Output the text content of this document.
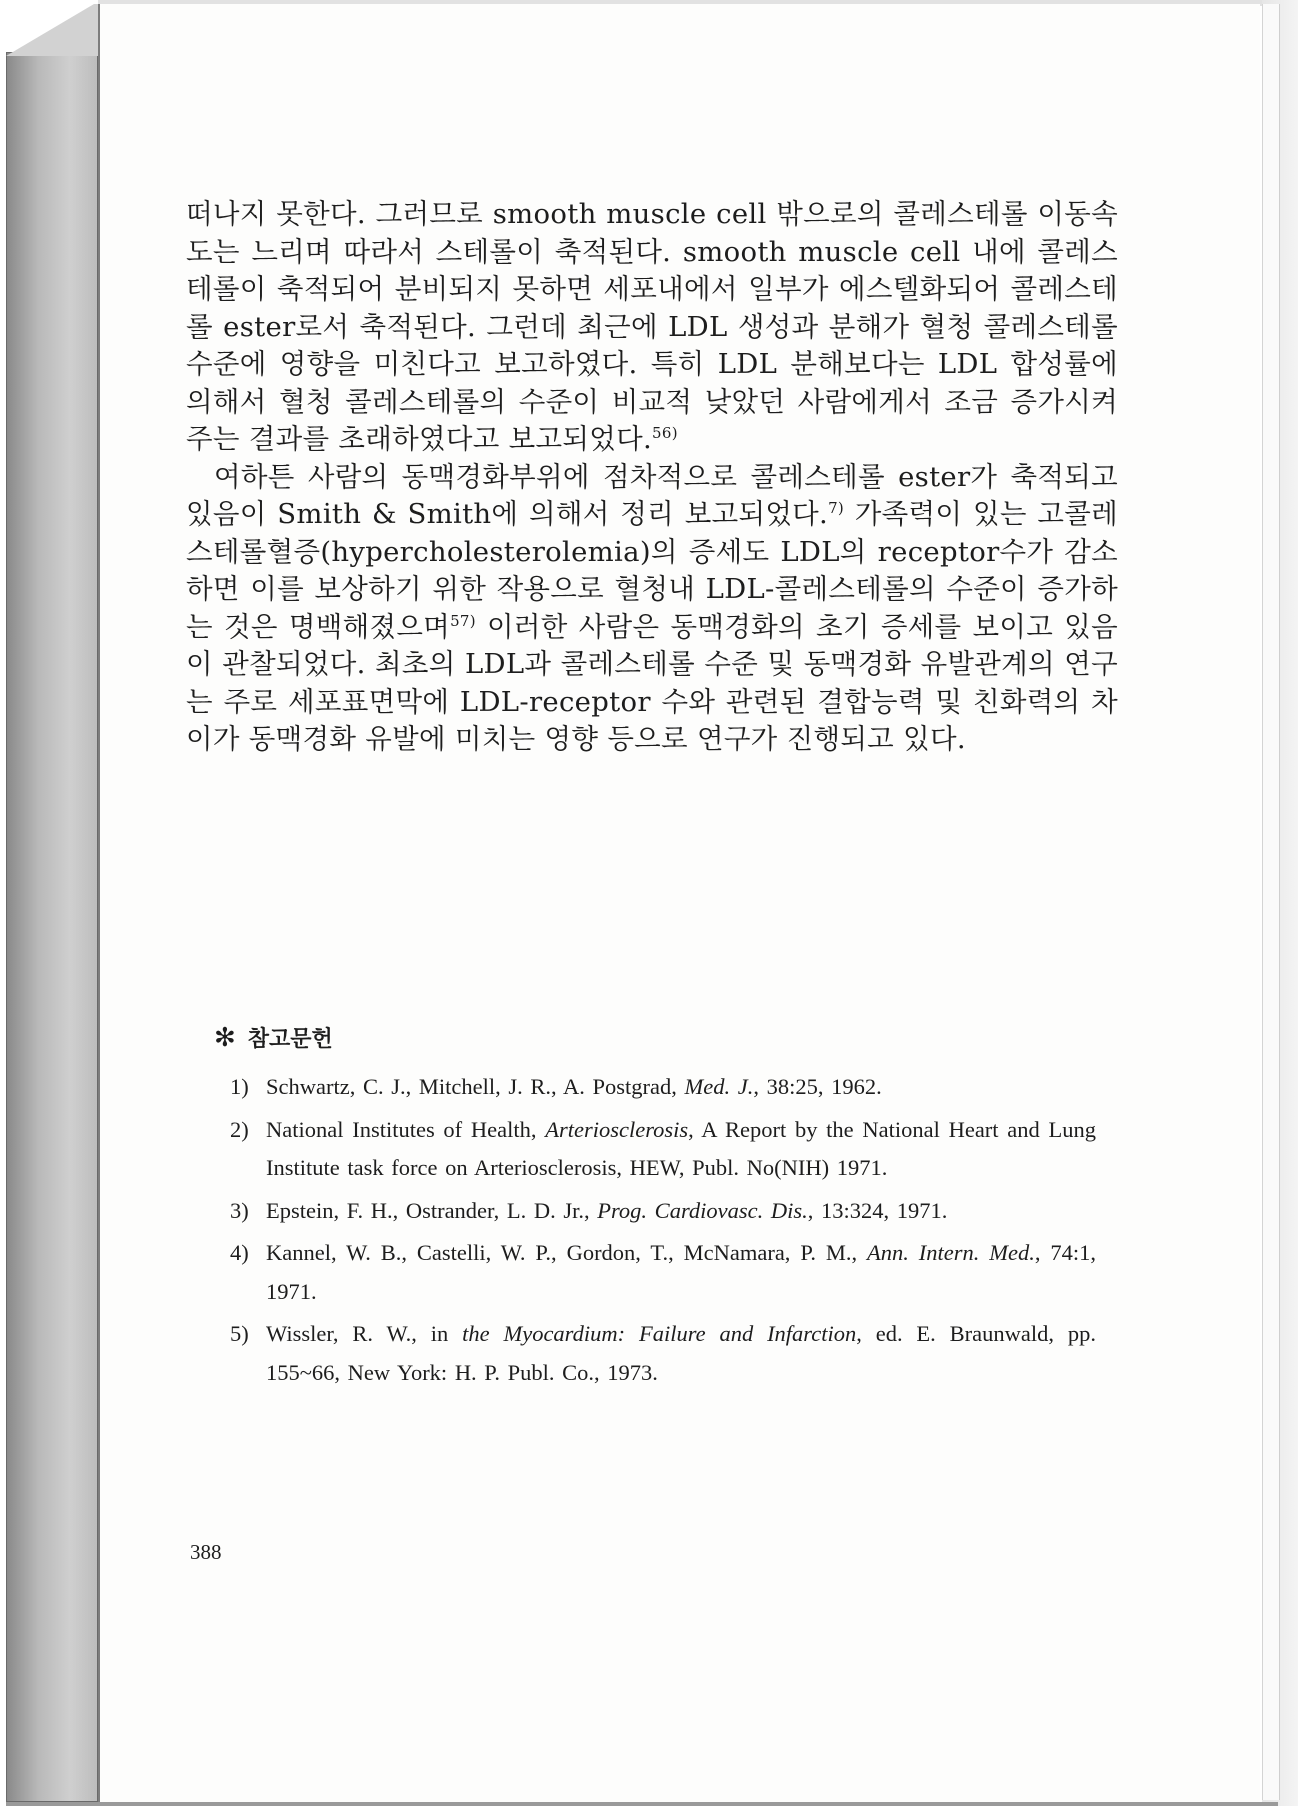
떠나지 못한다. 그러므로 smooth muscle cell 밖으로의 콜레스테롤 이동속도는 느리며 따라서 스테롤이 축적된다. smooth muscle cell 내에 콜레스테롤이 축적되어 분비되지 못하면 세포내에서 일부가 에스텔화되어 콜레스테롤 ester로서 축적된다. 그런데 최근에 LDL 생성과 분해가 혈청 콜레스테롤 수준에 영향을 미친다고 보고하였다. 특히 LDL 분해보다는 LDL 합성률에 의해서 혈청 콜레스테롤의 수준이 비교적 낮았던 사람에게서 조금 증가시켜 주는 결과를 초래하였다고 보고되었다.$^{56)}$

여하튼 사람의 동맥경화부위에 점차적으로 콜레스테롤 ester가 축적되고 있음이 Smith & Smith에 의해서 정리 보고되었다.$^{7)}$ 가족력이 있는 고콜레스테롤혈증(hypercholesterolemia)의 증세도 LDL의 receptor수가 감소하면 이를 보상하기 위한 작용으로 혈청내 LDL-콜레스테롤의 수준이 증가하는 것은 명백해졌으며$^{57)}$ 이러한 사람은 동맥경화의 초기 증세를 보이고 있음이 관찰되었다. 최초의 LDL과 콜레스테롤 수준 및 동맥경화 유발관계의 연구는 주로 세포표면막에 LDL-receptor 수와 관련된 결합능력 및 친화력의 차이가 동맥경화 유발에 미치는 영향 등으로 연구가 진행되고 있다.

✻ 참고문헌
1) Schwartz, C. J., Mitchell, J. R., A. Postgrad, Med. J., 38:25, 1962.
2) National Institutes of Health, Arteriosclerosis, A Report by the National Heart and Lung Institute task force on Arteriosclerosis, HEW, Publ. No(NIH) 1971.
3) Epstein, F. H., Ostrander, L. D. Jr., Prog. Cardiovasc. Dis., 13:324, 1971.
4) Kannel, W. B., Castelli, W. P., Gordon, T., McNamara, P. M., Ann. Intern. Med., 74:1, 1971.
5) Wissler, R. W., in the Myocardium: Failure and Infarction, ed. E. Braunwald, pp. 155~66, New York: H. P. Publ. Co., 1973.
388
